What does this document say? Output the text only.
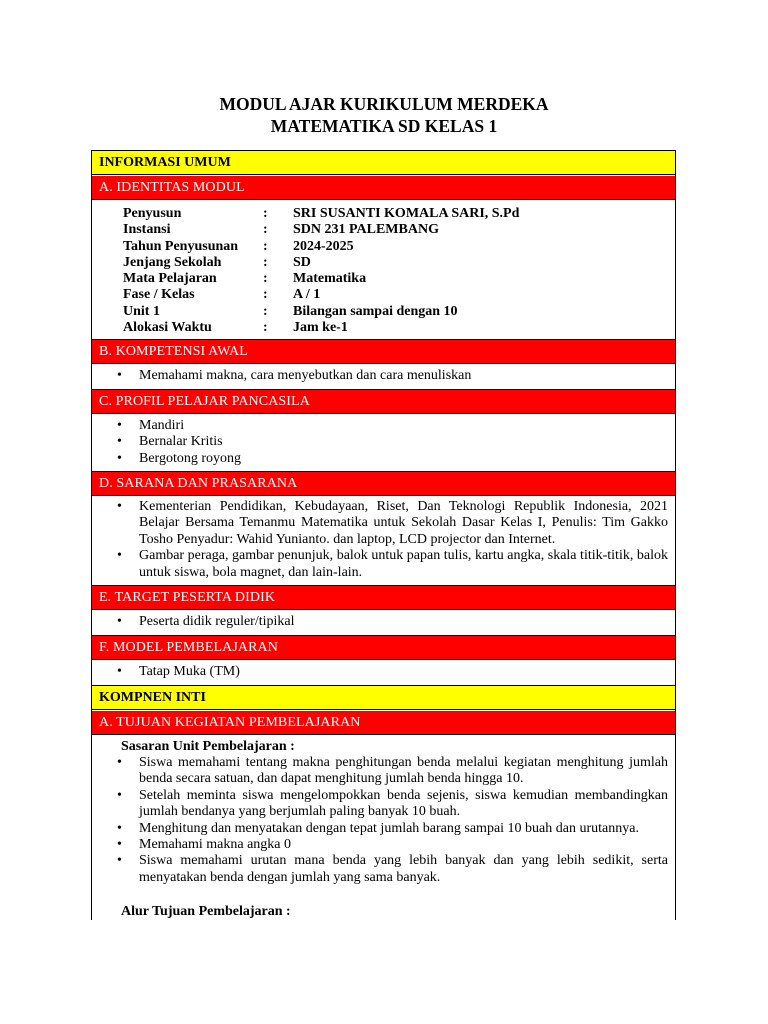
MODUL AJAR KURIKULUM MERDEKA
MATEMATIKA SD KELAS 1
INFORMASI UMUM
A. IDENTITAS MODUL
Penyusun	: SRI SUSANTI KOMALA SARI, S.Pd
Instansi	: SDN 231 PALEMBANG
Tahun Penyusunan	: 2024-2025
Jenjang Sekolah	: SD
Mata Pelajaran	: Matematika
Fase / Kelas	: A / 1
Unit 1	: Bilangan sampai dengan 10
Alokasi Waktu	: Jam ke-1
B. KOMPETENSI AWAL
• Memahami makna, cara menyebutkan dan cara menuliskan
C. PROFIL PELAJAR PANCASILA
• Mandiri
• Bernalar Kritis
• Bergotong royong
D. SARANA DAN PRASARANA
• Kementerian Pendidikan, Kebudayaan, Riset, Dan Teknologi Republik Indonesia, 2021 Belajar Bersama Temanmu Matematika untuk Sekolah Dasar Kelas I, Penulis: Tim Gakko Tosho Penyadur: Wahid Yunianto. dan laptop, LCD projector dan Internet.
• Gambar peraga, gambar penunjuk, balok untuk papan tulis, kartu angka, skala titik-titik, balok untuk siswa, bola magnet, dan lain-lain.
E. TARGET PESERTA DIDIK
• Peserta didik reguler/tipikal
F. MODEL PEMBELAJARAN
• Tatap Muka (TM)
KOMPNEN INTI
A. TUJUAN KEGIATAN PEMBELAJARAN
Sasaran Unit Pembelajaran :
• Siswa memahami tentang makna penghitungan benda melalui kegiatan menghitung jumlah benda secara satuan, dan dapat menghitung jumlah benda hingga 10.
• Setelah meminta siswa mengelompokkan benda sejenis, siswa kemudian membandingkan jumlah bendanya yang berjumlah paling banyak 10 buah.
• Menghitung dan menyatakan dengan tepat jumlah barang sampai 10 buah dan urutannya.
• Memahami makna angka 0
• Siswa memahami urutan mana benda yang lebih banyak dan yang lebih sedikit, serta menyatakan benda dengan jumlah yang sama banyak.
Alur Tujuan Pembelajaran :
